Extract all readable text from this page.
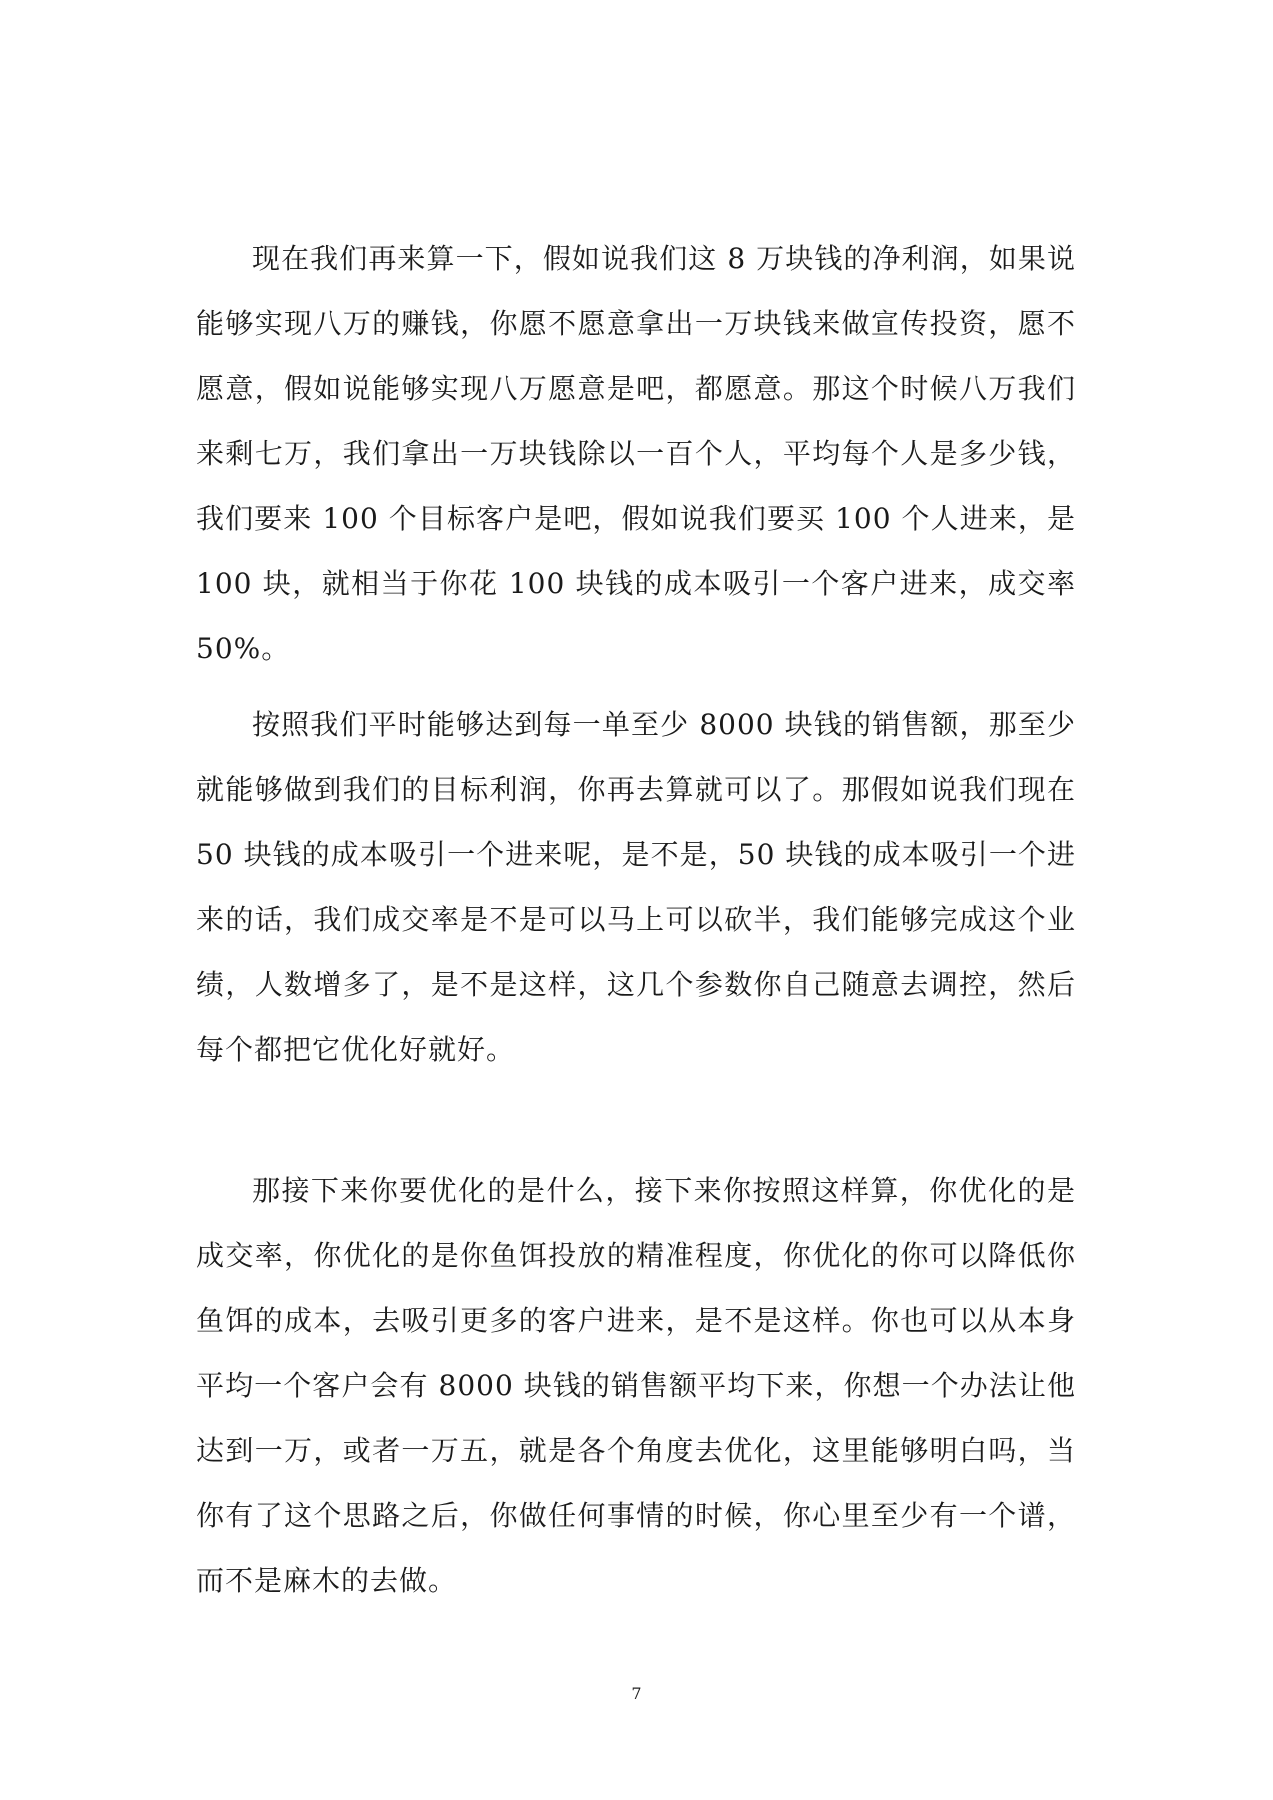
现在我们再来算一下，假如说我们这 8 万块钱的净利润，如果说能够实现八万的赚钱，你愿不愿意拿出一万块钱来做宣传投资，愿不愿意，假如说能够实现八万愿意是吧，都愿意。那这个时候八万我们来剩七万，我们拿出一万块钱除以一百个人，平均每个人是多少钱，我们要来 100 个目标客户是吧，假如说我们要买 100 个人进来，是 100 块，就相当于你花 100 块钱的成本吸引一个客户进来，成交率 50%。

按照我们平时能够达到每一单至少 8000 块钱的销售额，那至少就能够做到我们的目标利润，你再去算就可以了。那假如说我们现在 50 块钱的成本吸引一个进来呢，是不是，50 块钱的成本吸引一个进来的话，我们成交率是不是可以马上可以砍半，我们能够完成这个业绩，人数增多了，是不是这样，这几个参数你自己随意去调控，然后每个都把它优化好就好。

那接下来你要优化的是什么，接下来你按照这样算，你优化的是成交率，你优化的是你鱼饵投放的精准程度，你优化的你可以降低你鱼饵的成本，去吸引更多的客户进来，是不是这样。你也可以从本身平均一个客户会有 8000 块钱的销售额平均下来，你想一个办法让他达到一万，或者一万五，就是各个角度去优化，这里能够明白吗，当你有了这个思路之后，你做任何事情的时候，你心里至少有一个谱，而不是麻木的去做。

7
